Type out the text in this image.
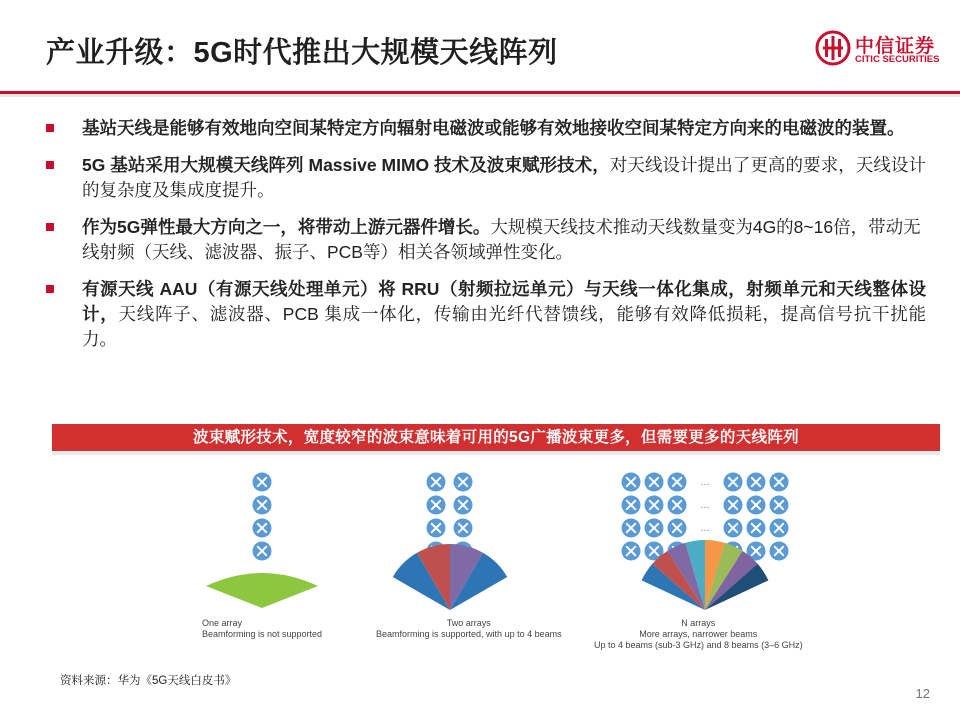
产业升级：5G时代推出大规模天线阵列	中信证券
CITIC SECURITIES
基站天线是能够有效地向空间某特定方向辐射电磁波或能够有效地接收空间某特定方向来的电磁波的装置。
5G 基站采用大规模天线阵列 Massive MIMO 技术及波束赋形技术，对天线设计提出了更高的要求，天线设计的复杂度及集成度提升。
作为5G弹性最大方向之一，将带动上游元器件增长。大规模天线技术推动天线数量变为4G的8~16倍，带动无线射频（天线、滤波器、振子、PCB等）相关各领域弹性变化。
有源天线 AAU（有源天线处理单元）将 RRU（射频拉远单元）与天线一体化集成，射频单元和天线整体设计，天线阵子、滤波器、PCB 集成一体化，传输由光纤代替馈线，能够有效降低损耗，提高信号抗干扰能力。
波束赋形技术，宽度较窄的波束意味着可用的5G广播波束更多，但需要更多的天线阵列
...
...
...
One array
Beamforming is not supported
Two arrays
Beamforming is supported, with up to 4 beams
N arrays
More arrays, narrower beams
Up to 4 beams (sub-3 GHz) and 8 beams (3–6 GHz)
资料来源：华为《5G天线白皮书》
12
